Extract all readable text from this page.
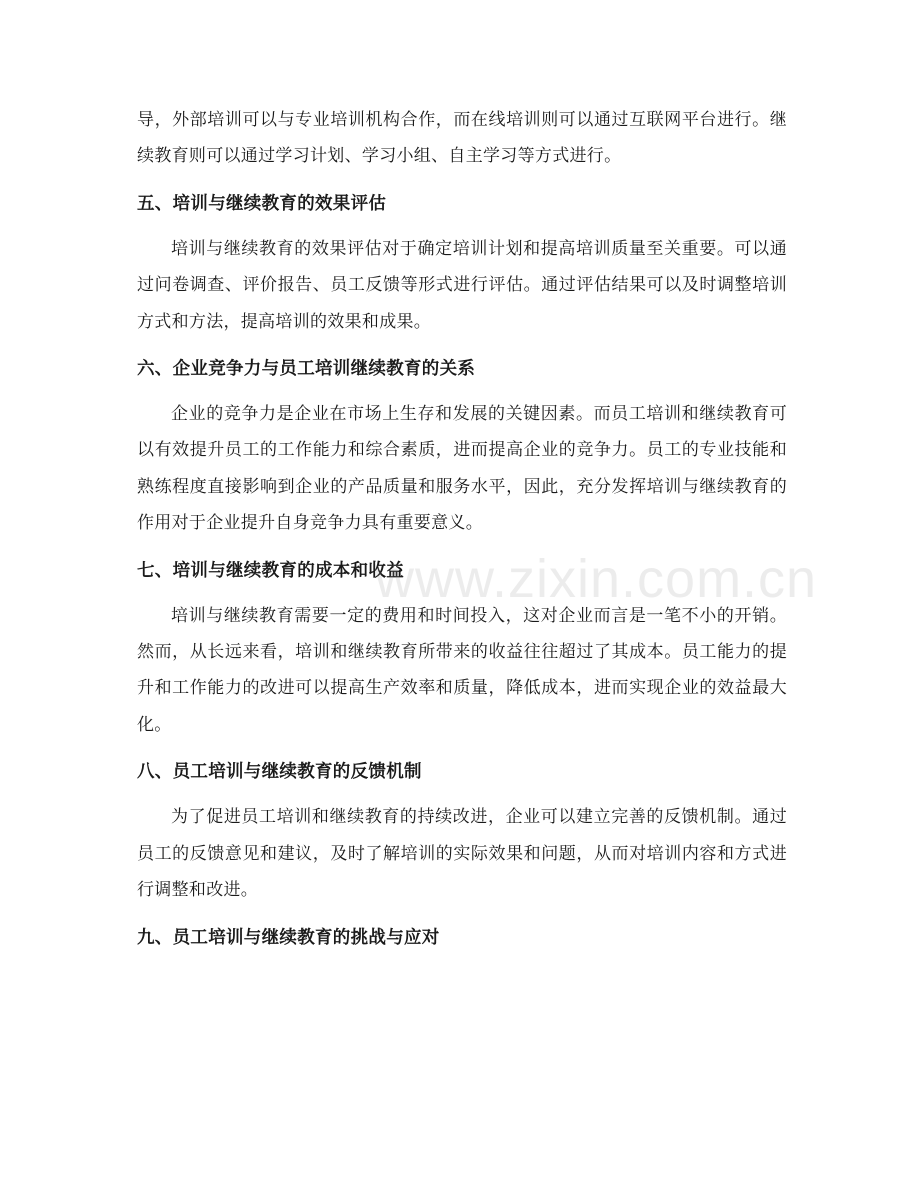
导，外部培训可以与专业培训机构合作，而在线培训则可以通过互联网平台进行。继续教育则可以通过学习计划、学习小组、自主学习等方式进行。

五、培训与继续教育的效果评估

培训与继续教育的效果评估对于确定培训计划和提高培训质量至关重要。可以通过问卷调查、评价报告、员工反馈等形式进行评估。通过评估结果可以及时调整培训方式和方法，提高培训的效果和成果。

六、企业竞争力与员工培训继续教育的关系

企业的竞争力是企业在市场上生存和发展的关键因素。而员工培训和继续教育可以有效提升员工的工作能力和综合素质，进而提高企业的竞争力。员工的专业技能和熟练程度直接影响到企业的产品质量和服务水平，因此，充分发挥培训与继续教育的作用对于企业提升自身竞争力具有重要意义。

七、培训与继续教育的成本和收益

培训与继续教育需要一定的费用和时间投入，这对企业而言是一笔不小的开销。然而，从长远来看，培训和继续教育所带来的收益往往超过了其成本。员工能力的提升和工作能力的改进可以提高生产效率和质量，降低成本，进而实现企业的效益最大化。

八、员工培训与继续教育的反馈机制

为了促进员工培训和继续教育的持续改进，企业可以建立完善的反馈机制。通过员工的反馈意见和建议，及时了解培训的实际效果和问题，从而对培训内容和方式进行调整和改进。

九、员工培训与继续教育的挑战与应对
www.zixin.com.cn
